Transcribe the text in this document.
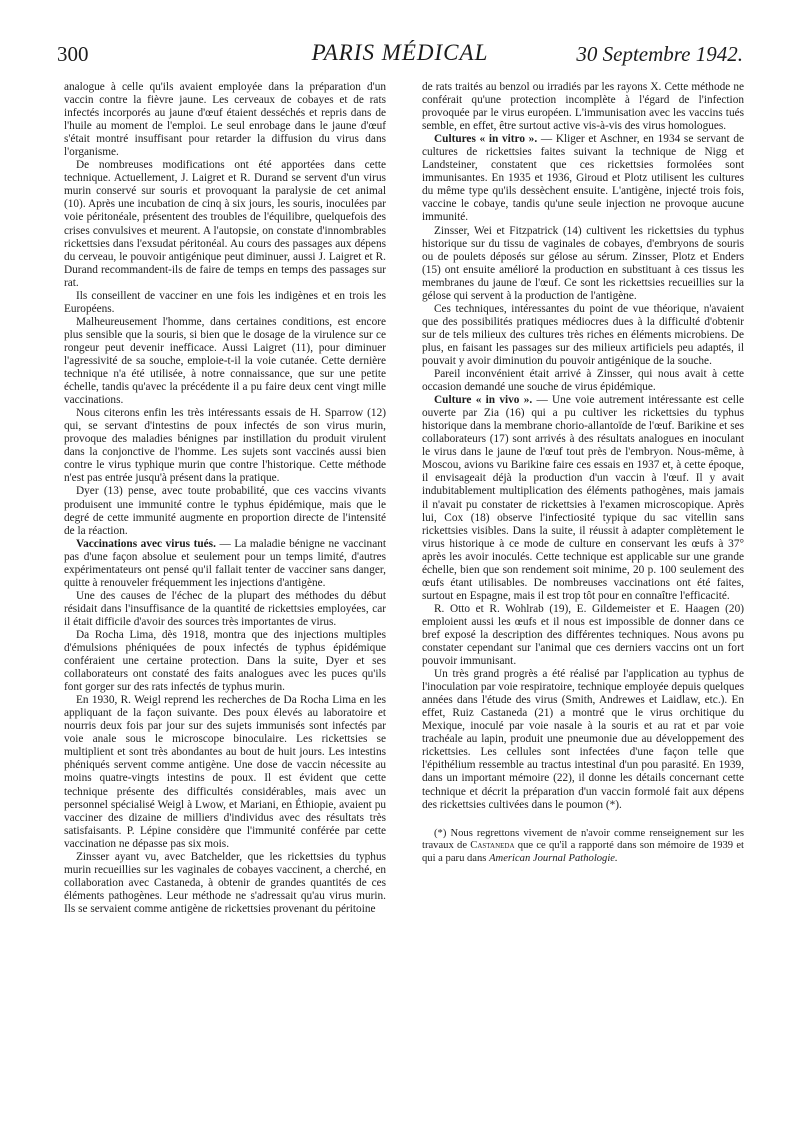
300	PARIS MÉDICAL	30 Septembre 1942.

analogue à celle qu'ils avaient employée dans la préparation d'un vaccin contre la fièvre jaune. Les cerveaux de cobayes et de rats infectés incorporés au jaune d'œuf étaient desséchés et repris dans de l'huile au moment de l'emploi. Le seul enrobage dans le jaune d'œuf s'était montré insuffisant pour retarder la diffusion du virus dans l'organisme.

De nombreuses modifications ont été apportées dans cette technique. Actuellement, J. Laigret et R. Durand se servent d'un virus murin conservé sur souris et provoquant la paralysie de cet animal (10). Après une incubation de cinq à six jours, les souris, inoculées par voie péritonéale, présentent des troubles de l'équilibre, quelquefois des crises convulsives et meurent. A l'autopsie, on constate d'innombrables rickettsies dans l'exsudat péritonéal. Au cours des passages aux dépens du cerveau, le pouvoir antigénique peut diminuer, aussi J. Laigret et R. Durand recommandent-ils de faire de temps en temps des passages sur rat.

Ils conseillent de vacciner en une fois les indigènes et en trois les Européens.

Malheureusement l'homme, dans certaines conditions, est encore plus sensible que la souris, si bien que le dosage de la virulence sur ce rongeur peut devenir inefficace. Aussi Laigret (11), pour diminuer l'agressivité de sa souche, emploie-t-il la voie cutanée. Cette dernière technique n'a été utilisée, à notre connaissance, que sur une petite échelle, tandis qu'avec la précédente il a pu faire deux cent vingt mille vaccinations.

Nous citerons enfin les très intéressants essais de H. Sparrow (12) qui, se servant d'intestins de poux infectés de son virus murin, provoque des maladies bénignes par instillation du produit virulent dans la conjonctive de l'homme. Les sujets sont vaccinés aussi bien contre le virus typhique murin que contre l'historique. Cette méthode n'est pas entrée jusqu'à présent dans la pratique.

Dyer (13) pense, avec toute probabilité, que ces vaccins vivants produisent une immunité contre le typhus épidémique, mais que le degré de cette immunité augmente en proportion directe de l'intensité de la réaction.

Vaccinations avec virus tués. — La maladie bénigne ne vaccinant pas d'une façon absolue et seulement pour un temps limité, d'autres expérimentateurs ont pensé qu'il fallait tenter de vacciner sans danger, quitte à renouveler fréquemment les injections d'antigène.

Une des causes de l'échec de la plupart des méthodes du début résidait dans l'insuffisance de la quantité de rickettsies employées, car il était difficile d'avoir des sources très importantes de virus.

Da Rocha Lima, dès 1918, montra que des injections multiples d'émulsions phéniquées de poux infectés de typhus épidémique conféraient une certaine protection. Dans la suite, Dyer et ses collaborateurs ont constaté des faits analogues avec les puces qu'ils font gorger sur des rats infectés de typhus murin.

En 1930, R. Weigl reprend les recherches de Da Rocha Lima en les appliquant de la façon suivante. Des poux élevés au laboratoire et nourris deux fois par jour sur des sujets immunisés sont infectés par voie anale sous le microscope binoculaire. Les rickettsies se multiplient et sont très abondantes au bout de huit jours. Les intestins phéniqués servent comme antigène. Une dose de vaccin nécessite au moins quatre-vingts intestins de poux. Il est évident que cette technique présente des difficultés considérables, mais avec un personnel spécialisé Weigl à Lwow, et Mariani, en Éthiopie, avaient pu vacciner des dizaine de milliers d'individus avec des résultats très satisfaisants. P. Lépine considère que l'immunité conférée par cette vaccination ne dépasse pas six mois.

Zinsser ayant vu, avec Batchelder, que les rickettsies du typhus murin recueillies sur les vaginales de cobayes vaccinent, a cherché, en collaboration avec Castaneda, à obtenir de grandes quantités de ces éléments pathogènes. Leur méthode ne s'adressait qu'au virus murin. Ils se servaient comme antigène de rickettsies provenant du péritoine

de rats traités au benzol ou irradiés par les rayons X. Cette méthode ne conférait qu'une protection incomplète à l'égard de l'infection provoquée par le virus européen. L'immunisation avec les vaccins tués semble, en effet, être surtout active vis-à-vis des virus homologues.

Cultures « in vitro ». — Kliger et Aschner, en 1934 se servant de cultures de rickettsies faites suivant la technique de Nigg et Landsteiner, constatent que ces rickettsies formolées sont immunisantes. En 1935 et 1936, Giroud et Plotz utilisent les cultures du même type qu'ils dessèchent ensuite. L'antigène, injecté trois fois, vaccine le cobaye, tandis qu'une seule injection ne provoque aucune immunité.

Zinsser, Wei et Fitzpatrick (14) cultivent les rickettsies du typhus historique sur du tissu de vaginales de cobayes, d'embryons de souris ou de poulets déposés sur gélose au sérum. Zinsser, Plotz et Enders (15) ont ensuite amélioré la production en substituant à ces tissus les membranes du jaune de l'œuf. Ce sont les rickettsies recueillies sur la gélose qui servent à la production de l'antigène.

Ces techniques, intéressantes du point de vue théorique, n'avaient que des possibilités pratiques médiocres dues à la difficulté d'obtenir sur de tels milieux des cultures très riches en éléments microbiens. De plus, en faisant les passages sur des milieux artificiels peu adaptés, il pouvait y avoir diminution du pouvoir antigénique de la souche.

Pareil inconvénient était arrivé à Zinsser, qui nous avait à cette occasion demandé une souche de virus épidémique.

Culture « in vivo ». — Une voie autrement intéressante est celle ouverte par Zia (16) qui a pu cultiver les rickettsies du typhus historique dans la membrane chorio-allantoïde de l'œuf. Barikine et ses collaborateurs (17) sont arrivés à des résultats analogues en inoculant le virus dans le jaune de l'œuf tout près de l'embryon. Nous-même, à Moscou, avions vu Barikine faire ces essais en 1937 et, à cette époque, il envisageait déjà la production d'un vaccin à l'œuf. Il y avait indubitablement multiplication des éléments pathogènes, mais jamais il n'avait pu constater de rickettsies à l'examen microscopique. Après lui, Cox (18) observe l'infectiosité typique du sac vitellin sans rickettsies visibles. Dans la suite, il réussit à adapter complètement le virus historique à ce mode de culture en conservant les œufs à 37° après les avoir inoculés. Cette technique est applicable sur une grande échelle, bien que son rendement soit minime, 20 p. 100 seulement des œufs étant utilisables. De nombreuses vaccinations ont été faites, surtout en Espagne, mais il est trop tôt pour en connaître l'efficacité.

R. Otto et R. Wohlrab (19), E. Gildemeister et E. Haagen (20) emploient aussi les œufs et il nous est impossible de donner dans ce bref exposé la description des différentes techniques. Nous avons pu constater cependant sur l'animal que ces derniers vaccins ont un fort pouvoir immunisant.

Un très grand progrès a été réalisé par l'application au typhus de l'inoculation par voie respiratoire, technique employée depuis quelques années dans l'étude des virus (Smith, Andrewes et Laidlaw, etc.). En effet, Ruiz Castaneda (21) a montré que le virus orchitique du Mexique, inoculé par voie nasale à la souris et au rat et par voie trachéale au lapin, produit une pneumonie due au développement des rickettsies. Les cellules sont infectées d'une façon telle que l'épithélium ressemble au tractus intestinal d'un pou parasité. En 1939, dans un important mémoire (22), il donne les détails concernant cette technique et décrit la préparation d'un vaccin formolé fait aux dépens des rickettsies cultivées dans le poumon (*).

(*) Nous regrettons vivement de n'avoir comme renseignement sur les travaux de Castaneda que ce qu'il a rapporté dans son mémoire de 1939 et qui a paru dans American Journal Pathologie.
